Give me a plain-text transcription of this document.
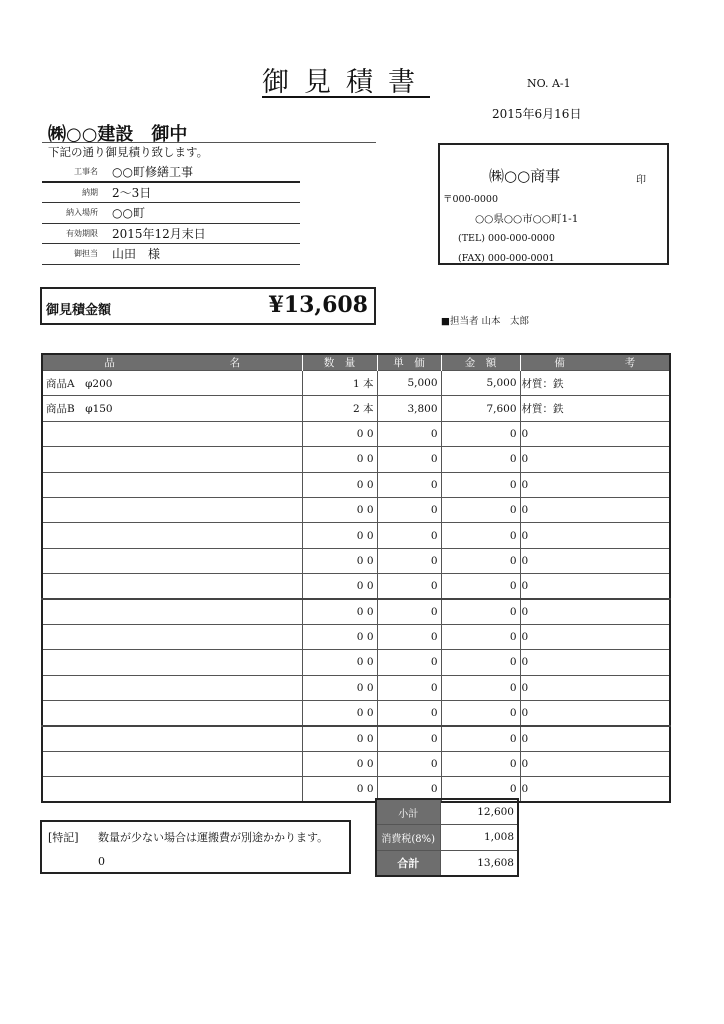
御見積書	NO. A-1
2015年6月16日
㈱○○建設　御中
下記の通り御見積り致します。
工事名 ○○町修繕工事
納期 2～3日
納入場所 ○○町
有効期限 2015年12月末日
御担当 山田　様
㈱○○商事	印
〒000-0000
○○県○○市○○町1-1
(TEL) 000-000-0000
(FAX) 000-000-0001
御見積金額	¥13,608
■担当者 山本　太郎
品 名	数　量	単　価	金　額	備 考

商品A　φ200	1 本	5,000	5,000	材質：鉄
商品B　φ150	2 本	3,800	7,600	材質：鉄
	0 0	0	0	0
	0 0	0	0	0
	0 0	0	0	0
	0 0	0	0	0
	0 0	0	0	0
	0 0	0	0	0
	0 0	0	0	0
	0 0	0	0	0
	0 0	0	0	0
	0 0	0	0	0
	0 0	0	0	0
	0 0	0	0	0
	0 0	0	0	0
	0 0	0	0	0
	0 0	0	0	0
小計	12,600
消費税(8%)	1,008
合計	13,608
[特記] 数量が少ない場合は運搬費が別途かかります。
0
